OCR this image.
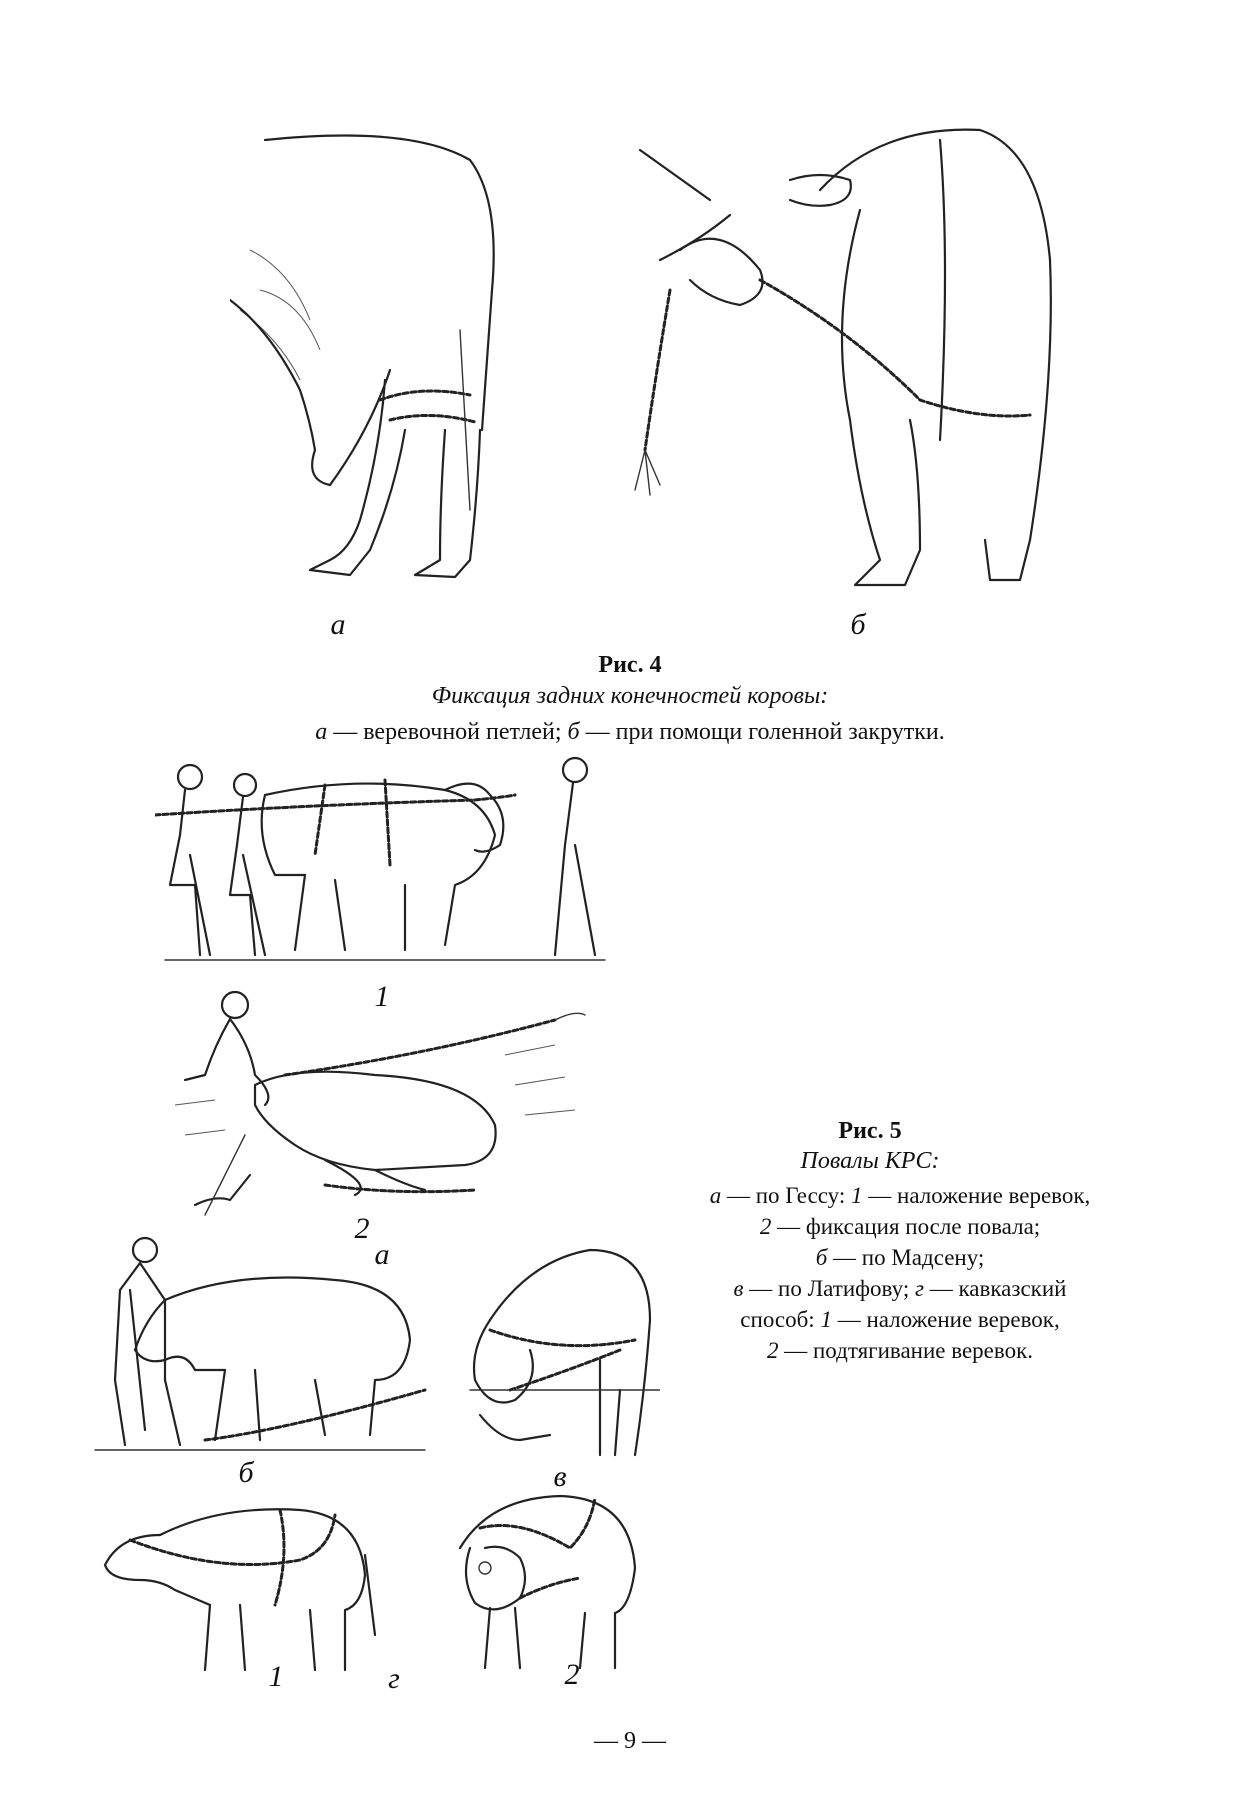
а	б
Рис. 4
Фиксация задних конечностей коровы:
а — веревочной петлей; б — при помощи голенной закрутки.
1
2
а
б	в
1	г	2
Рис. 5
Повалы КРС:
а — по Гессу: 1 — наложение веревок,
2 — фиксация после повала;
б — по Мадсену;
в — по Латифову; г — кавказский
способ: 1 — наложение веревок,
2 — подтягивание веревок.
— 9 —
